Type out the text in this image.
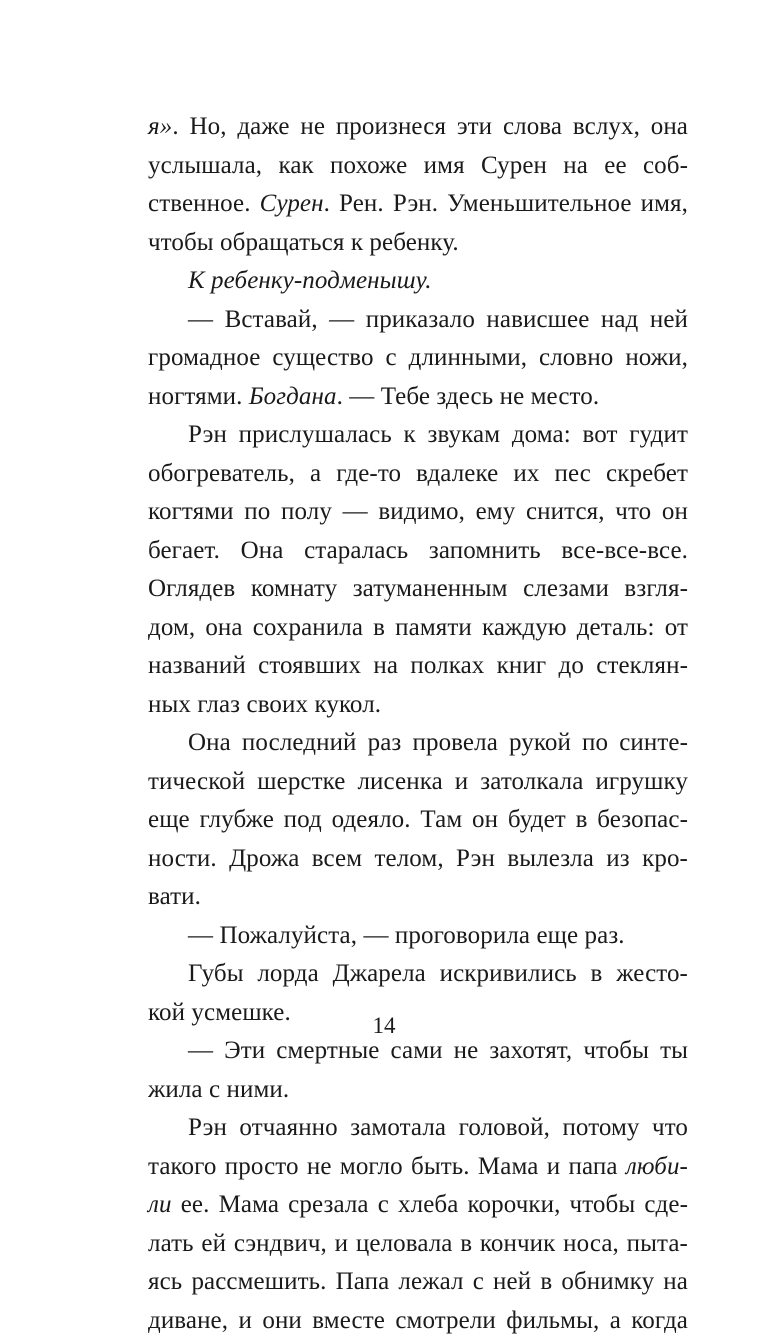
я». Но, даже не произнеся эти слова вслух, она
услышала, как похоже имя Сурен на ее соб-
ственное. Сурен. Рен. Рэн. Уменьшительное имя,
чтобы обращаться к ребенку.
К ребенку-подменышу.
— Вставай, — приказало нависшее над ней
громадное существо с длинными, словно ножи,
ногтями. Богдана. — Тебе здесь не место.
Рэн прислушалась к звукам дома: вот гудит
обогреватель, а где-то вдалеке их пес скребет
когтями по полу — видимо, ему снится, что он
бегает. Она старалась запомнить все-все-все.
Оглядев комнату затуманенным слезами взгля-
дом, она сохранила в памяти каждую деталь: от
названий стоявших на полках книг до стеклян-
ных глаз своих кукол.
Она последний раз провела рукой по синте-
тической шерстке лисенка и затолкала игрушку
еще глубже под одеяло. Там он будет в безопас-
ности. Дрожа всем телом, Рэн вылезла из кро-
вати.
— Пожалуйста, — проговорила еще раз.
Губы лорда Джарела искривились в жесто-
кой усмешке.
— Эти смертные сами не захотят, чтобы ты
жила с ними.
Рэн отчаянно замотала головой, потому что
такого просто не могло быть. Мама и папа люби-
ли ее. Мама срезала с хлеба корочки, чтобы сде-
лать ей сэндвич, и целовала в кончик носа, пыта-
ясь рассмешить. Папа лежал с ней в обнимку на
диване, и они вместе смотрели фильмы, а когда
14
